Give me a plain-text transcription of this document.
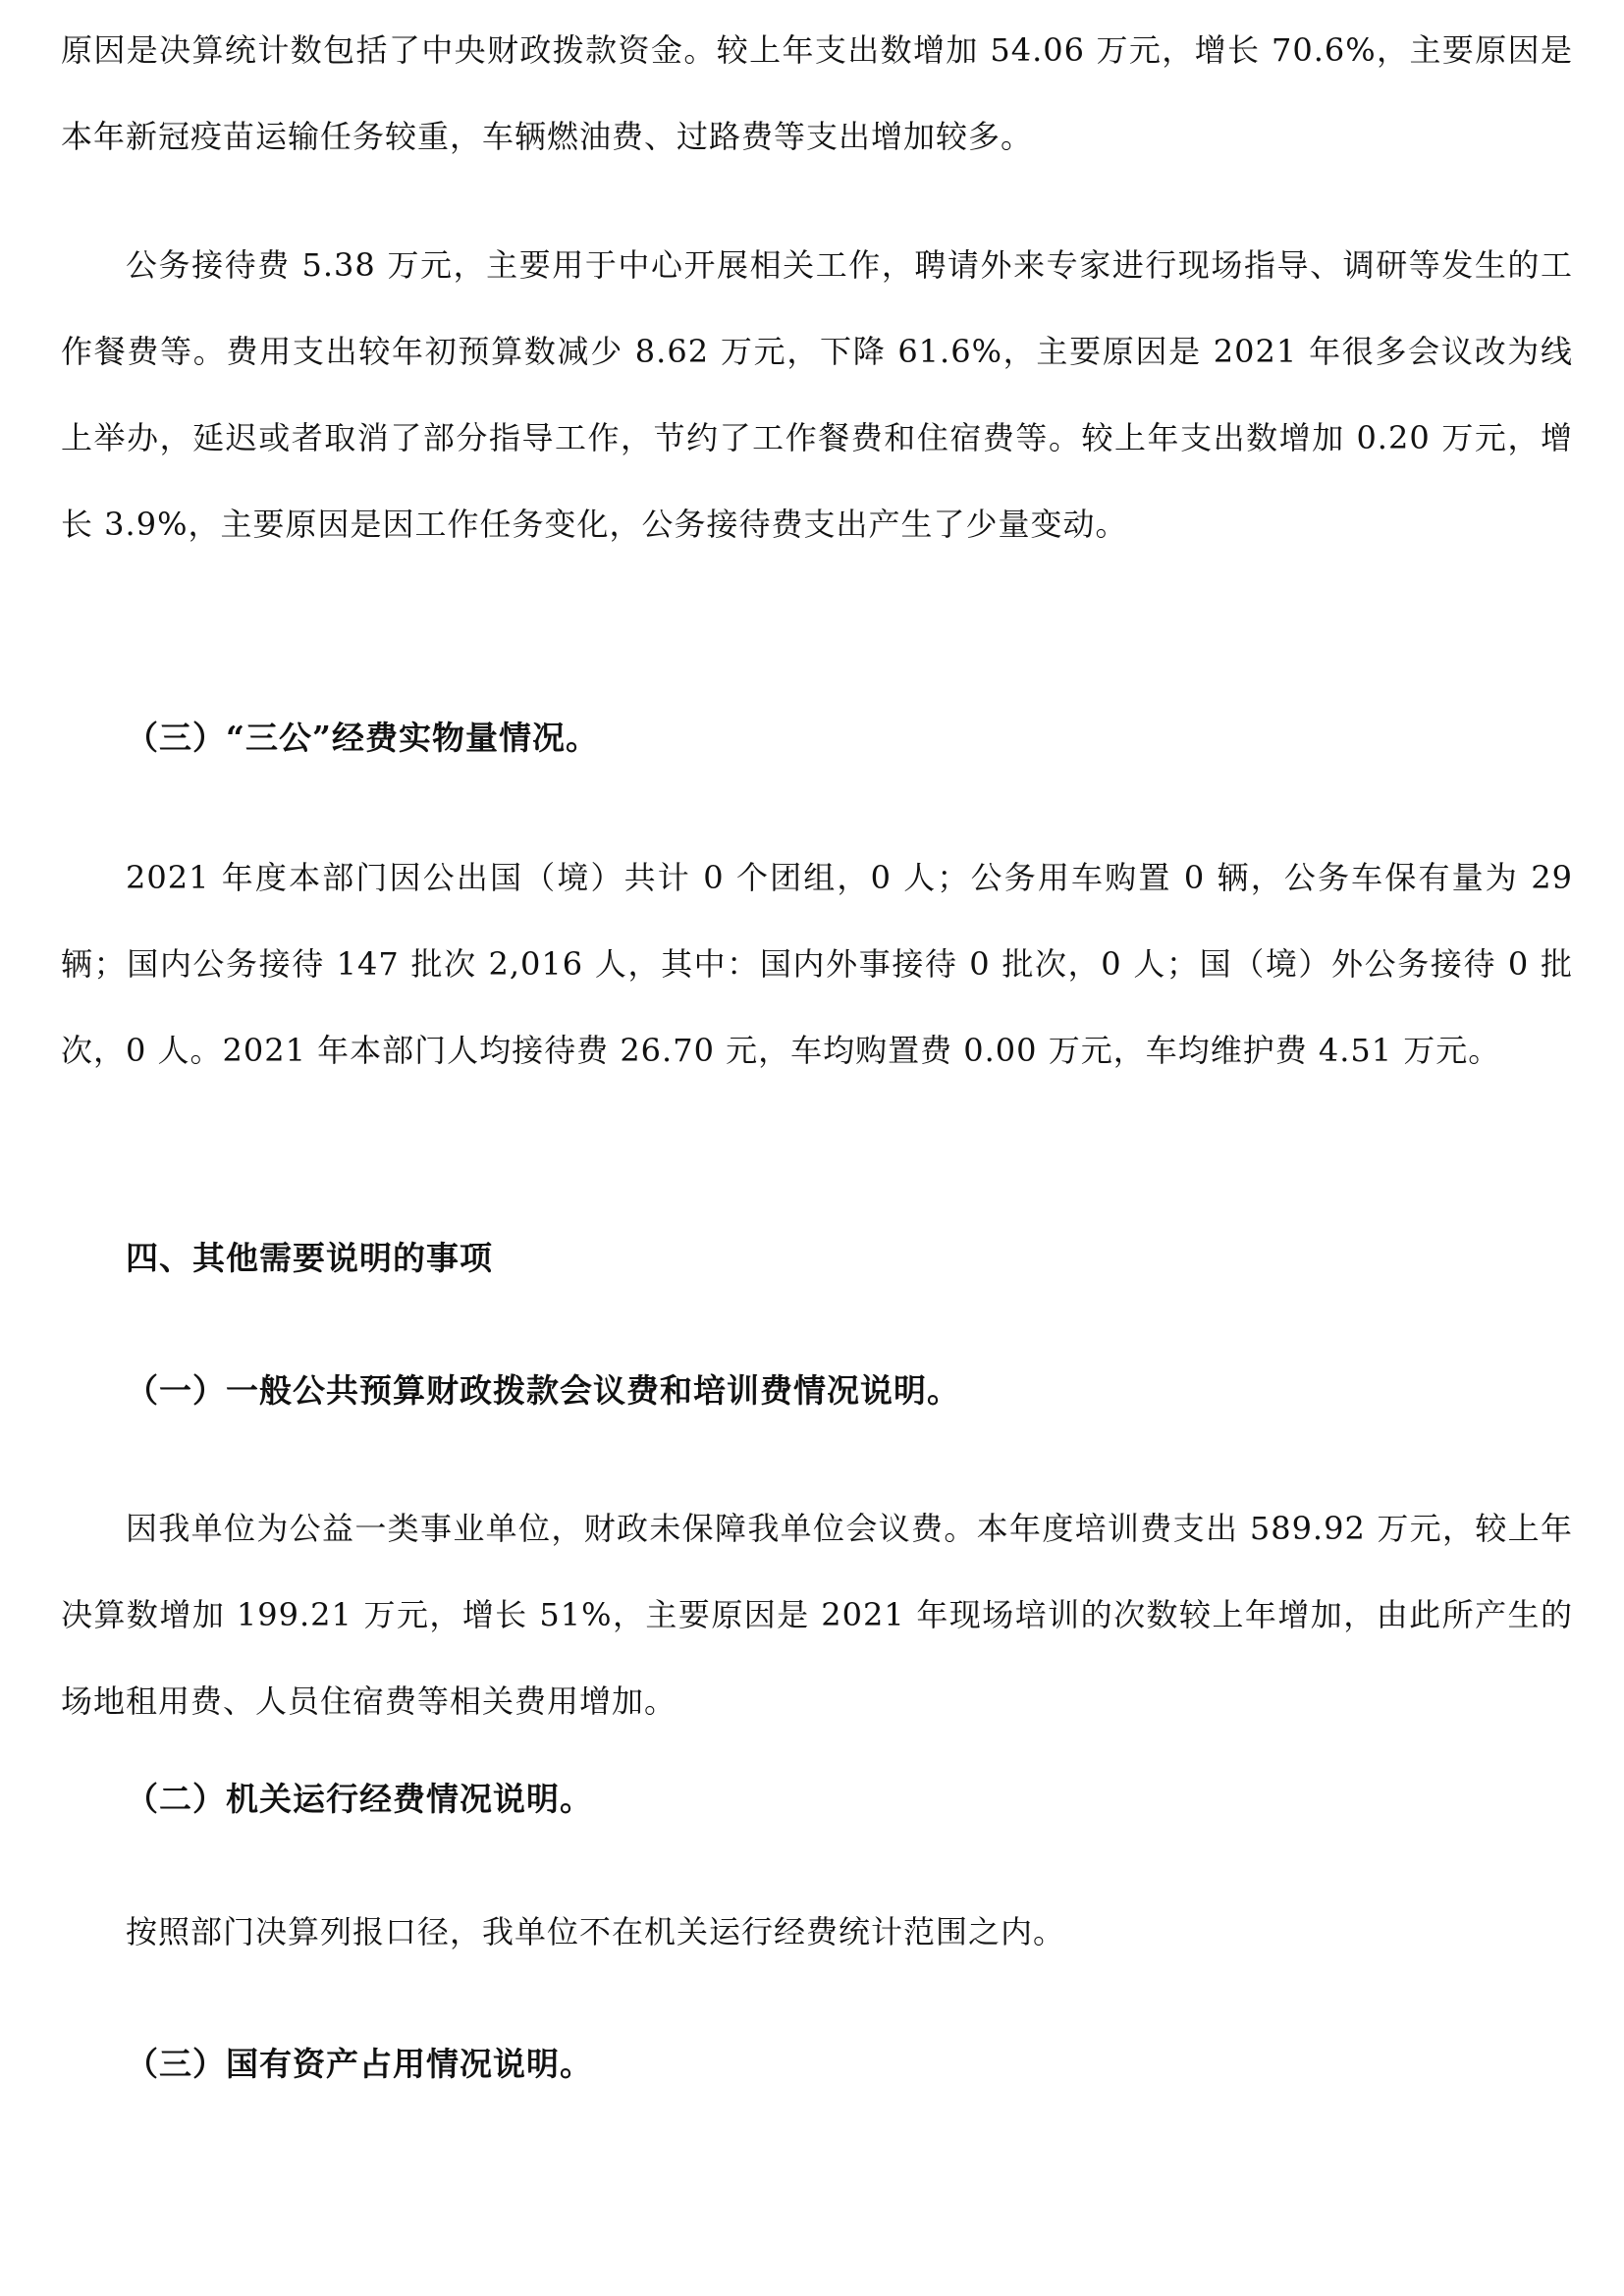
原因是决算统计数包括了中央财政拨款资金。较上年支出数增加 54.06 万元，增长 70.6%，主要原因是本年新冠疫苗运输任务较重，车辆燃油费、过路费等支出增加较多。

公务接待费 5.38 万元，主要用于中心开展相关工作，聘请外来专家进行现场指导、调研等发生的工作餐费等。费用支出较年初预算数减少 8.62 万元，下降 61.6%，主要原因是 2021 年很多会议改为线上举办，延迟或者取消了部分指导工作，节约了工作餐费和住宿费等。较上年支出数增加 0.20 万元，增长 3.9%，主要原因是因工作任务变化，公务接待费支出产生了少量变动。

（三）“三公”经费实物量情况。

2021 年度本部门因公出国（境）共计 0 个团组，0 人；公务用车购置 0 辆，公务车保有量为 29 辆；国内公务接待 147 批次 2,016 人，其中：国内外事接待 0 批次，0 人；国（境）外公务接待 0 批次，0 人。2021 年本部门人均接待费 26.70 元，车均购置费 0.00 万元，车均维护费 4.51 万元。

四、其他需要说明的事项

（一）一般公共预算财政拨款会议费和培训费情况说明。

因我单位为公益一类事业单位，财政未保障我单位会议费。本年度培训费支出 589.92 万元，较上年决算数增加 199.21 万元，增长 51%，主要原因是 2021 年现场培训的次数较上年增加，由此所产生的场地租用费、人员住宿费等相关费用增加。

（二）机关运行经费情况说明。

按照部门决算列报口径，我单位不在机关运行经费统计范围之内。

（三）国有资产占用情况说明。
